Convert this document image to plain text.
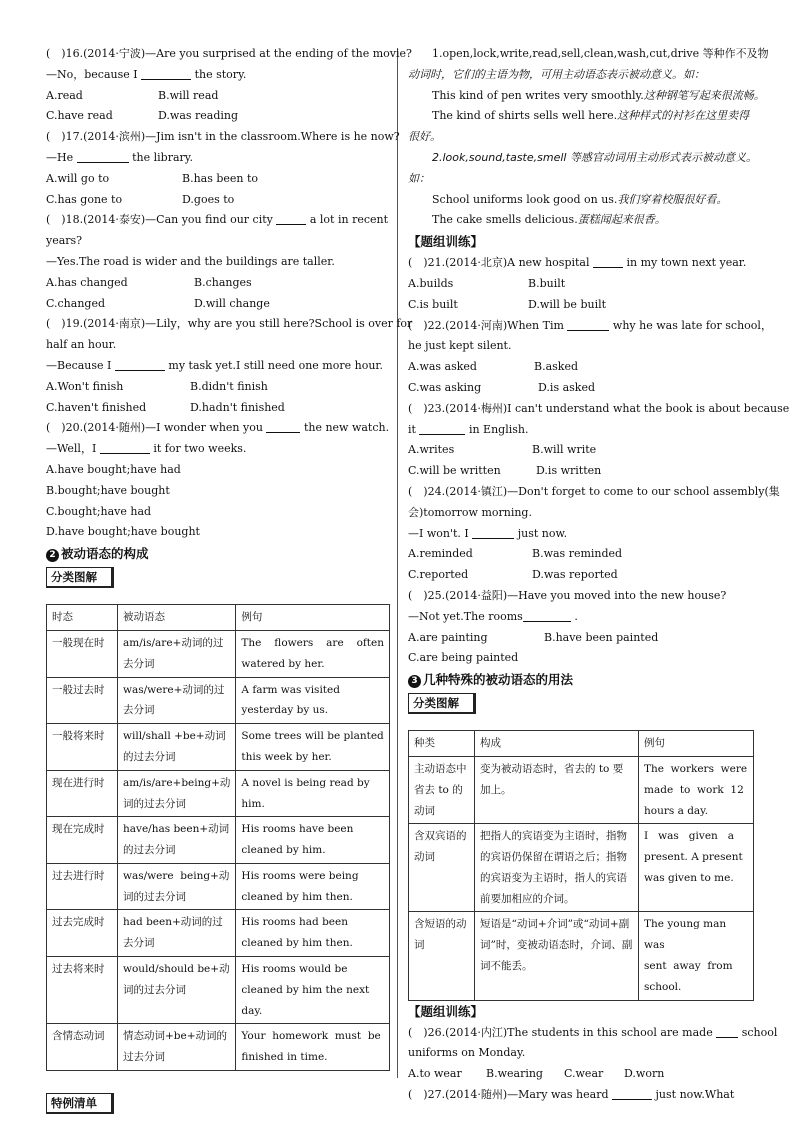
(　)16.(2014·宁波)—Are you surprised at the ending of the movie?
—No，because I	the story.
A.read	B.will read
C.have read	D.was reading
(　)17.(2014·滨州)—Jim isn't in the classroom.Where is he now?
—He	the library.
A.will go to	B.has been to
C.has gone to	D.goes to
(　)18.(2014·泰安)—Can you find our city	a lot in recent
years?
—Yes.The road is wider and the buildings are taller.
A.has changed	B.changes
C.changed	D.will change
(　)19.(2014·南京)—Lily，why are you still here?School is over for
half an hour.
—Because I	my task yet.I still need one more hour.
A.Won't finish	B.didn't finish
C.haven't finished	D.hadn't finished
(　)20.(2014·随州)—I wonder when you	the new watch.
—Well，I	it for two weeks.
A.have bought;have had
B.bought;have bought
C.bought;have had
D.have bought;have bought
2 被动语态的构成
分类图解
时态	被动语态	例句
一般现在时	am/is/are+动词的过去分词	The flowers are often watered by her.
一般过去时	was/were+动词的过去分词	A farm was visited yesterday by us.
一般将来时	will/shall +be+动词的过去分词	Some trees will be planted this week by her.
现在进行时	am/is/are+being+动词的过去分词	A novel is being read by him.
现在完成时	have/has been+动词的过去分词	His rooms have been cleaned by him.
过去进行时	was/were  being+动词的过去分词	His rooms were being cleaned by him then.
过去完成时	had been+动词的过去分词	His rooms had been cleaned by him then.
过去将来时	would/should be+动词的过去分词	His rooms would be cleaned by him the next day.
含情态动词	情态动词+be+动词的过去分词	Your  homework  must  be finished in time.
特例清单
1.open,lock,write,read,sell,clean,wash,cut,drive 等种作不及物
动词时，它们的主语为物，可用主动语态表示被动意义。如：
This kind of pen writes very smoothly.这种钢笔写起来很流畅。
The kind of shirts sells well here.这种样式的衬衫在这里卖得
很好。
2.look,sound,taste,smell 等感官动词用主动形式表示被动意义。
如：
School uniforms look good on us.我们穿着校服很好看。
The cake smells delicious.蛋糕闻起来很香。
【题组训练】
(　)21.(2014·北京)A new hospital	in my town next year.
A.builds	B.built
C.is built	D.will be built
(　)22.(2014·河南)When Tim	why he was late for school，
he just kept silent.
A.was asked	B.asked
C.was asking	D.is asked
(　)23.(2014·梅州)I can't understand what the book is about because
it	in English.
A.writes	B.will write
C.will be written	D.is written
(　)24.(2014·镇江)—Don't forget to come to our school assembly(集
会)tomorrow morning.
—I won't. I	just now.
A.reminded	B.was reminded
C.reported	D.was reported
(　)25.(2014·益阳)—Have you moved into the new house?
—Not yet.The rooms	.
A.are painting	B.have been painted
C.are being painted
3 几种特殊的被动语态的用法
分类图解
种类	构成	例句
主动语态中省去 to 的动词	变为被动语态时，省去的 to 要加上。	The  workers  were made  to  work  12 hours a day.
含双宾语的动词	把指人的宾语变为主语时，指物的宾语仍保留在谓语之后；指物的宾语变为主语时，指人的宾语前要加相应的介词。	I   was   given   a present. A present was given to me.
含短语的动词	短语是“动词+介词”或“动词+副词”时，变被动语态时，介词、副词不能丢。	The young man was sent  away  from school.
【题组训练】
(　)26.(2014·内江)The students in this school are made	school
uniforms on Monday.
A.to wear B.wearing C.wear D.worn
(　)27.(2014·随州)—Mary was heard	just now.What
